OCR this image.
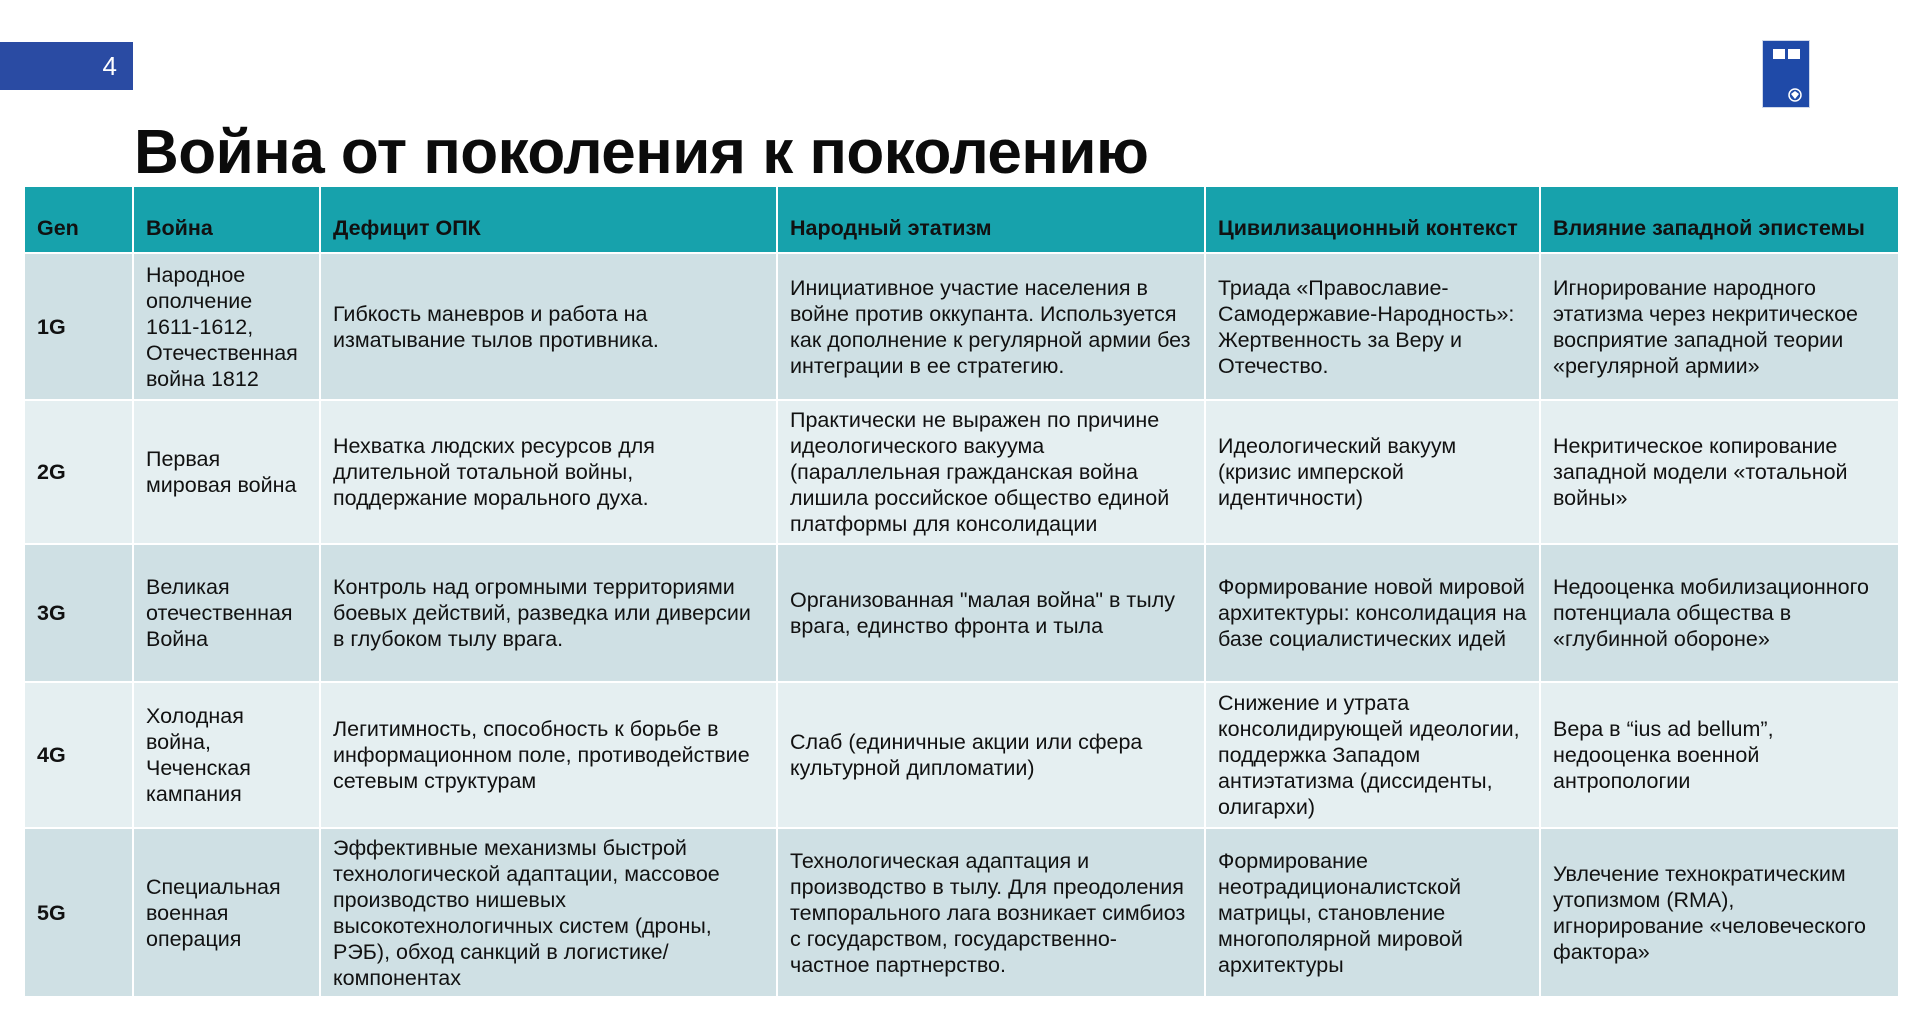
4
Война от поколения к поколению
Gen	Война	Дефицит ОПК	Народный этатизм	Цивилизационный контекст	Влияние западной эпистемы
1G	Народное ополчение 1611-1612, Отечественная война 1812	Гибкость маневров и работа на изматывание тылов противника.	Инициативное участие населения в войне против оккупанта. Используется как дополнение к регулярной армии без интеграции в ее стратегию.	Триада «Православие-Самодержавие-Народность»: Жертвенность за Веру и Отечество.	Игнорирование народного этатизма через некритическое восприятие западной теории «регулярной армии»
2G	Первая мировая война	Нехватка людских ресурсов для длительной тотальной войны, поддержание морального духа.	Практически не выражен по причине идеологического вакуума (параллельная гражданская война лишила российское общество единой платформы для консолидации	Идеологический вакуум (кризис имперской идентичности)	Некритическое копирование западной модели «тотальной войны»
3G	Великая отечественная Война	Контроль над огромными территориями боевых действий, разведка или диверсии в глубоком тылу врага.	Организованная "малая война" в тылу врага, единство фронта и тыла	Формирование новой мировой архитектуры: консолидация на базе социалистических идей	Недооценка мобилизационного потенциала общества в «глубинной обороне»
4G	Холодная война, Чеченская кампания	Легитимность, способность к борьбе в информационном поле, противодействие сетевым структурам	Слаб (единичные акции или сфера культурной дипломатии)	Снижение и утрата консолидирующей идеологии, поддержка Западом антиэтатизма (диссиденты, олигархи)	Вера в “ius ad bellum”, недооценка военной антропологии
5G	Специальная военная операция	Эффективные механизмы быстрой технологической адаптации, массовое производство нишевых высокотехнологичных систем (дроны, РЭБ), обход санкций в логистике/компонентах	Технологическая адаптация и производство в тылу. Для преодоления темпорального лага возникает симбиоз с государством, государственно-частное партнерство.	Формирование неотрадиционалистской матрицы, становление многополярной мировой архитектуры	Увлечение технократическим утопизмом (RMA), игнорирование «человеческого фактора»
